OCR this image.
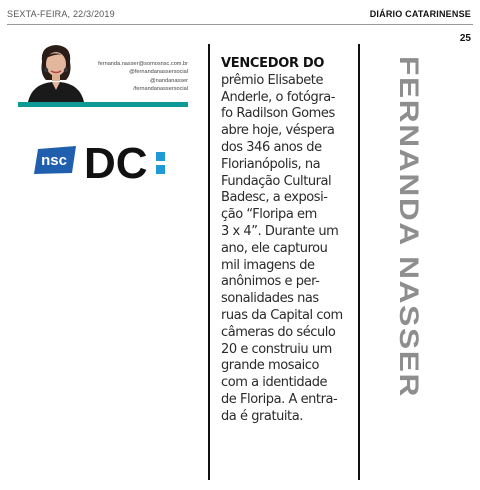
SEXTA-FEIRA, 22/3/2019	DIÁRIO CATARINENSE
25
fernanda.nasser@somosnsc.com.br
@fernandanassersocial
@nandanasser
/fernandanassersocial
nsc DC
VENCEDOR DO
prêmio Elisabete
Anderle, o fotógra-
fo Radilson Gomes
abre hoje, véspera
dos 346 anos de
Florianópolis, na
Fundação Cultural
Badesc, a exposi-
ção “Floripa em
3 x 4”. Durante um
ano, ele capturou
mil imagens de
anônimos e per-
sonalidades nas
ruas da Capital com
câmeras do século
20 e construiu um
grande mosaico
com a identidade
de Floripa. A entra-
da é gratuita.
FERNANDA NASSER
